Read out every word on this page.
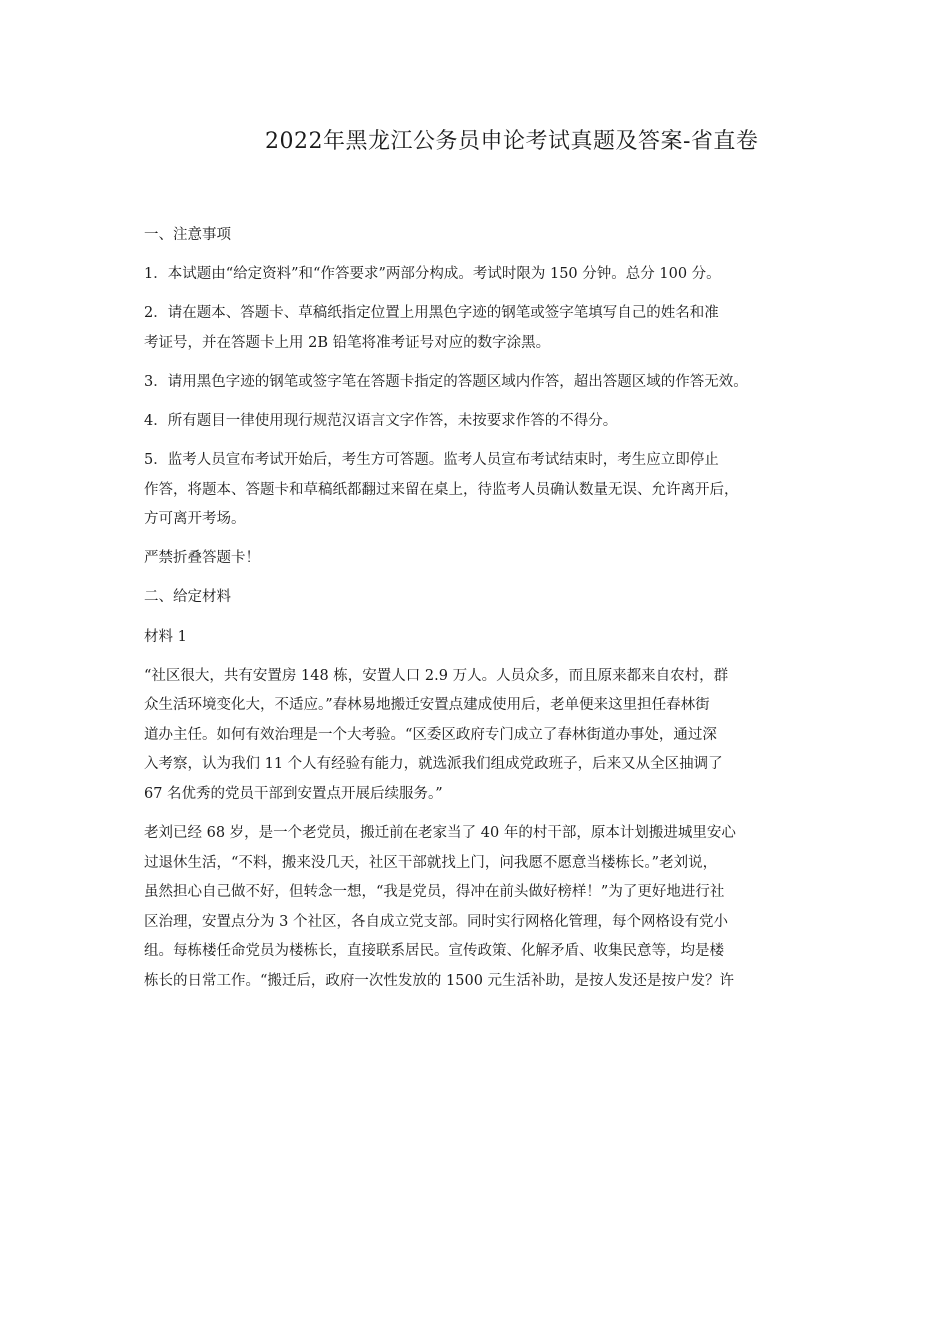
2022年黑龙江公务员申论考试真题及答案-省直卷
一、注意事项
1．本试题由“给定资料”和“作答要求”两部分构成。考试时限为 150 分钟。总分 100 分。
2．请在题本、答题卡、草稿纸指定位置上用黑色字迹的钢笔或签字笔填写自己的姓名和准
考证号，并在答题卡上用 2B 铅笔将准考证号对应的数字涂黑。
3．请用黑色字迹的钢笔或签字笔在答题卡指定的答题区域内作答，超出答题区域的作答无效。
4．所有题目一律使用现行规范汉语言文字作答，未按要求作答的不得分。
5．监考人员宣布考试开始后，考生方可答题。监考人员宣布考试结束时，考生应立即停止
作答，将题本、答题卡和草稿纸都翻过来留在桌上，待监考人员确认数量无误、允许离开后，
方可离开考场。
严禁折叠答题卡！
二、给定材料
材料 1
“社区很大，共有安置房 148 栋，安置人口 2.9 万人。人员众多，而且原来都来自农村，群
众生活环境变化大，不适应。”春林易地搬迁安置点建成使用后，老单便来这里担任春林街
道办主任。如何有效治理是一个大考验。“区委区政府专门成立了春林街道办事处，通过深
入考察，认为我们 11 个人有经验有能力，就选派我们组成党政班子，后来又从全区抽调了
67 名优秀的党员干部到安置点开展后续服务。”
老刘已经 68 岁，是一个老党员，搬迁前在老家当了 40 年的村干部，原本计划搬进城里安心
过退休生活，“不料，搬来没几天，社区干部就找上门，问我愿不愿意当楼栋长。”老刘说，
虽然担心自己做不好，但转念一想，“我是党员，得冲在前头做好榜样！”为了更好地进行社
区治理，安置点分为 3 个社区，各自成立党支部。同时实行网格化管理，每个网格设有党小
组。每栋楼任命党员为楼栋长，直接联系居民。宣传政策、化解矛盾、收集民意等，均是楼
栋长的日常工作。“搬迁后，政府一次性发放的 1500 元生活补助，是按人发还是按户发？许
